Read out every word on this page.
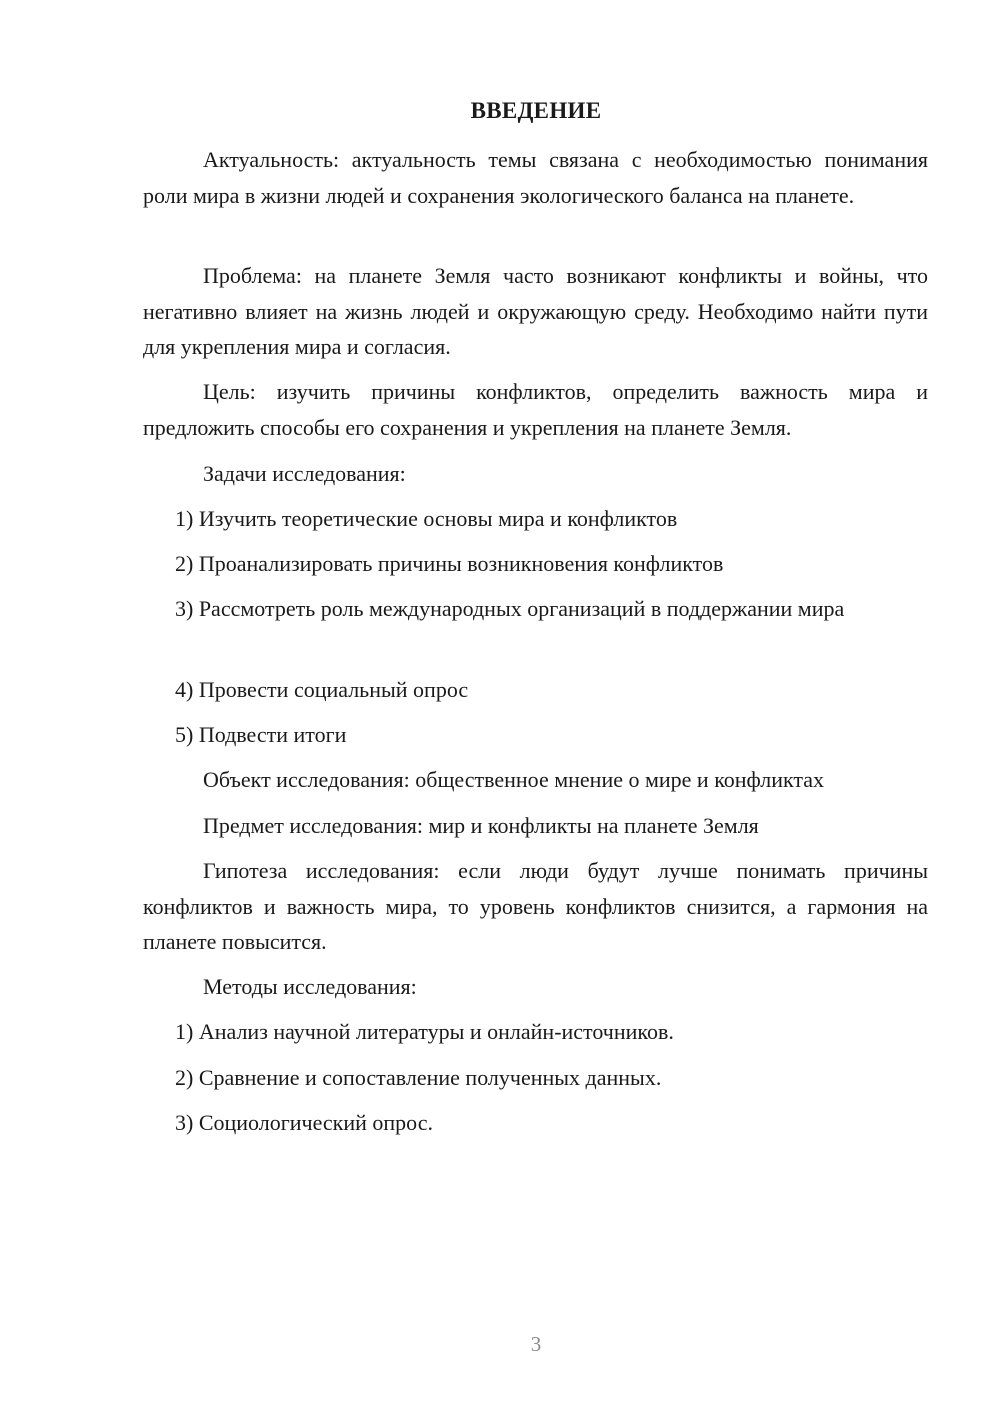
ВВЕДЕНИЕ

Актуальность: актуальность темы связана с необходимостью понимания роли мира в жизни людей и сохранения экологического баланса на планете.

Проблема: на планете Земля часто возникают конфликты и войны, что негативно влияет на жизнь людей и окружающую среду. Необходимо найти пути для укрепления мира и согласия.

Цель: изучить причины конфликтов, определить важность мира и предложить способы его сохранения и укрепления на планете Земля.

Задачи исследования:

1) Изучить теоретические основы мира и конфликтов

2) Проанализировать причины возникновения конфликтов

3) Рассмотреть роль международных организаций в поддержании мира

4) Провести социальный опрос

5) Подвести итоги

Объект исследования: общественное мнение о мире и конфликтах

Предмет исследования: мир и конфликты на планете Земля

Гипотеза исследования: если люди будут лучше понимать причины конфликтов и важность мира, то уровень конфликтов снизится, а гармония на планете повысится.

Методы исследования:

1) Анализ научной литературы и онлайн-источников.

2) Сравнение и сопоставление полученных данных.

3) Социологический опрос.

3
